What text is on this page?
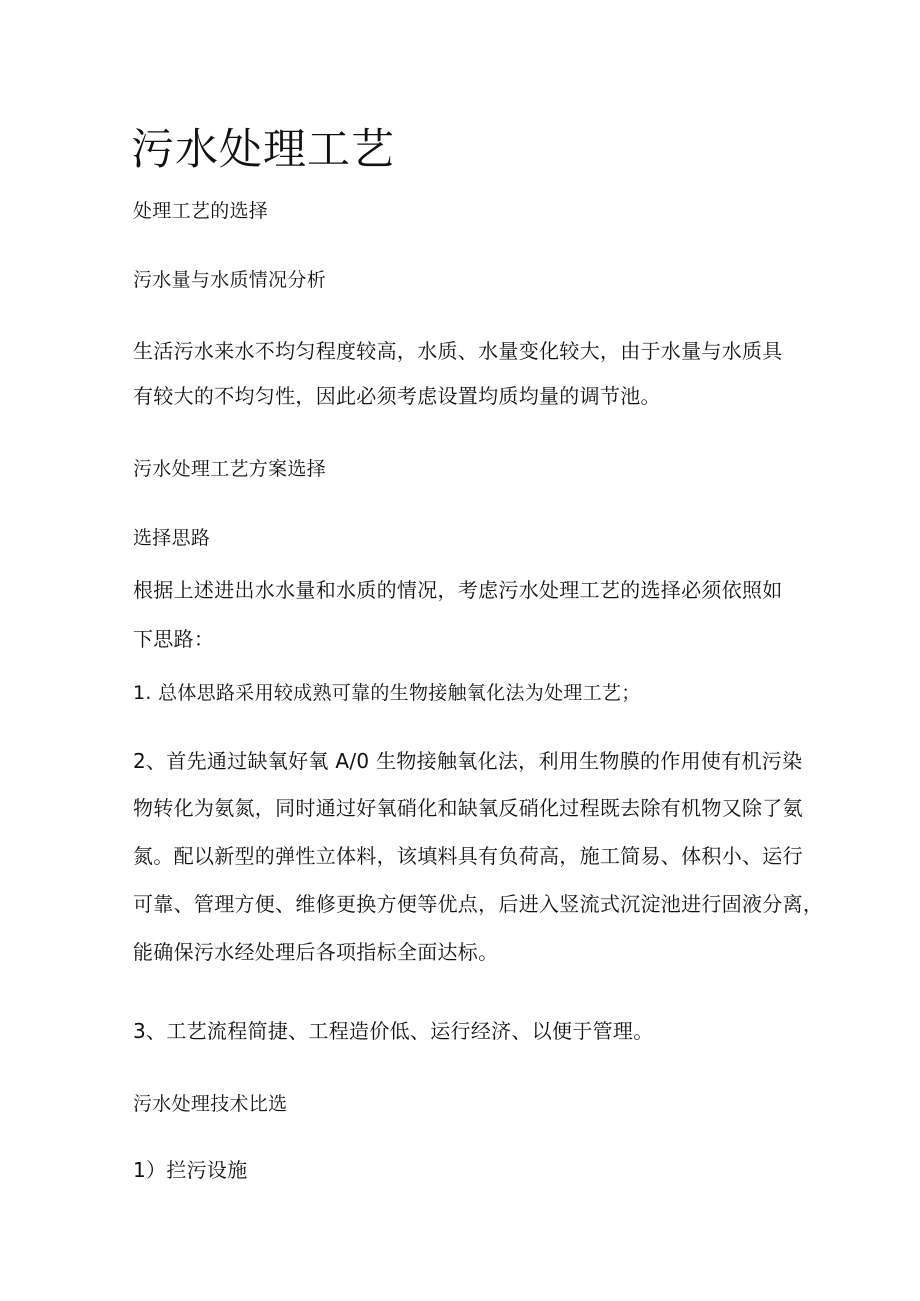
污水处理工艺
处理工艺的选择
污水量与水质情况分析
生活污水来水不均匀程度较高，水质、水量变化较大，由于水量与水质具
有较大的不均匀性，因此必须考虑设置均质均量的调节池。
污水处理工艺方案选择
选择思路
根据上述进出水水量和水质的情况，考虑污水处理工艺的选择必须依照如
下思路：
1. 总体思路采用较成熟可靠的生物接触氧化法为处理工艺；
2、首先通过缺氧好氧 A/0 生物接触氧化法，利用生物膜的作用使有机污染
物转化为氨氮，同时通过好氧硝化和缺氧反硝化过程既去除有机物又除了氨
氮。配以新型的弹性立体料，该填料具有负荷高，施工简易、体积小、运行
可靠、管理方便、维修更换方便等优点，后进入竖流式沉淀池进行固液分离，
能确保污水经处理后各项指标全面达标。
3、工艺流程简捷、工程造价低、运行经济、以便于管理。
污水处理技术比选
1）拦污设施
